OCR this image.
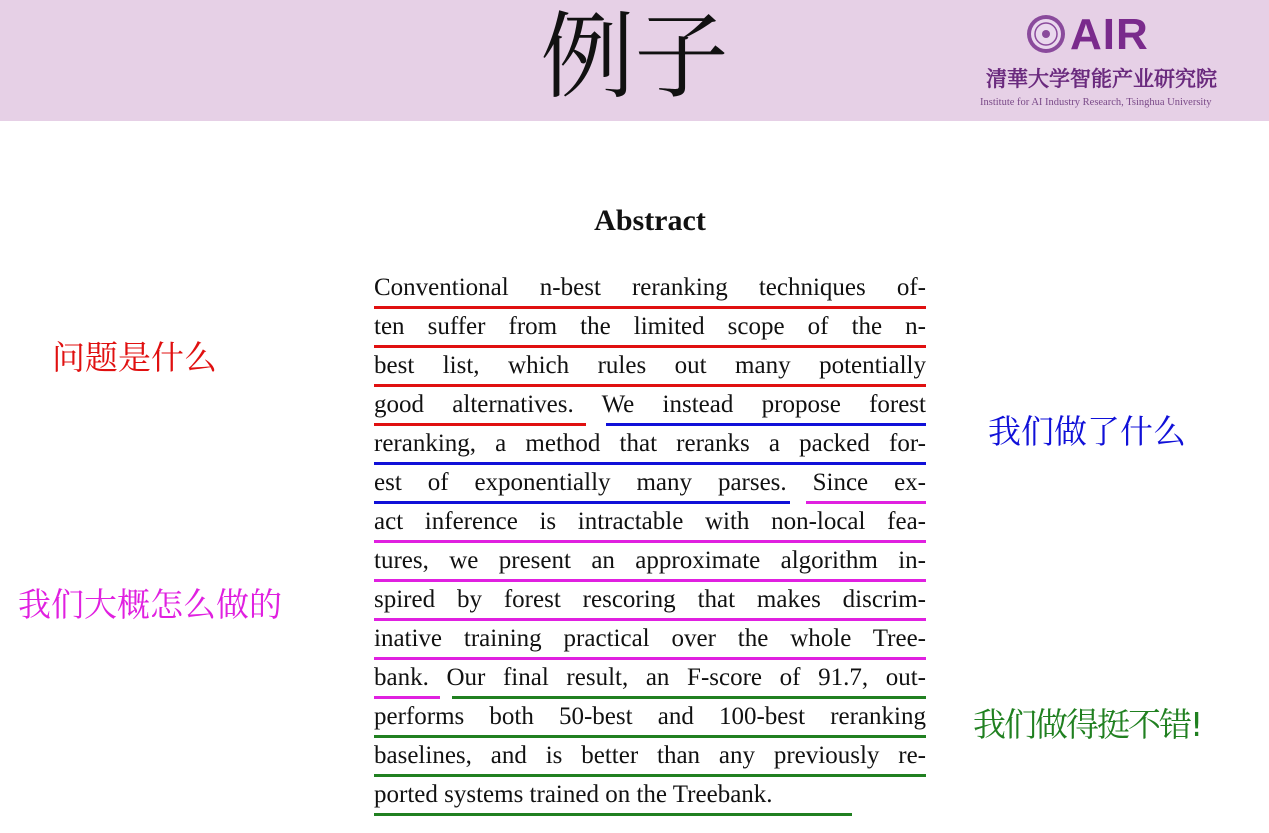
例子	AIR
清華大学智能产业研究院
Institute for AI Industry Research, Tsinghua University
Abstract
Conventional n-best reranking techniques of-
ten suffer from the limited scope of the n-
best list, which rules out many potentially
good alternatives. We instead propose forest
reranking, a method that reranks a packed for-
est of exponentially many parses. Since ex-
act inference is intractable with non-local fea-
tures, we present an approximate algorithm in-
spired by forest rescoring that makes discrim-
inative training practical over the whole Tree-
bank. Our final result, an F-score of 91.7, out-
performs both 50-best and 100-best reranking
baselines, and is better than any previously re-
ported systems trained on the Treebank.
问题是什么
我们做了什么
我们大概怎么做的
我们做得挺不错!
